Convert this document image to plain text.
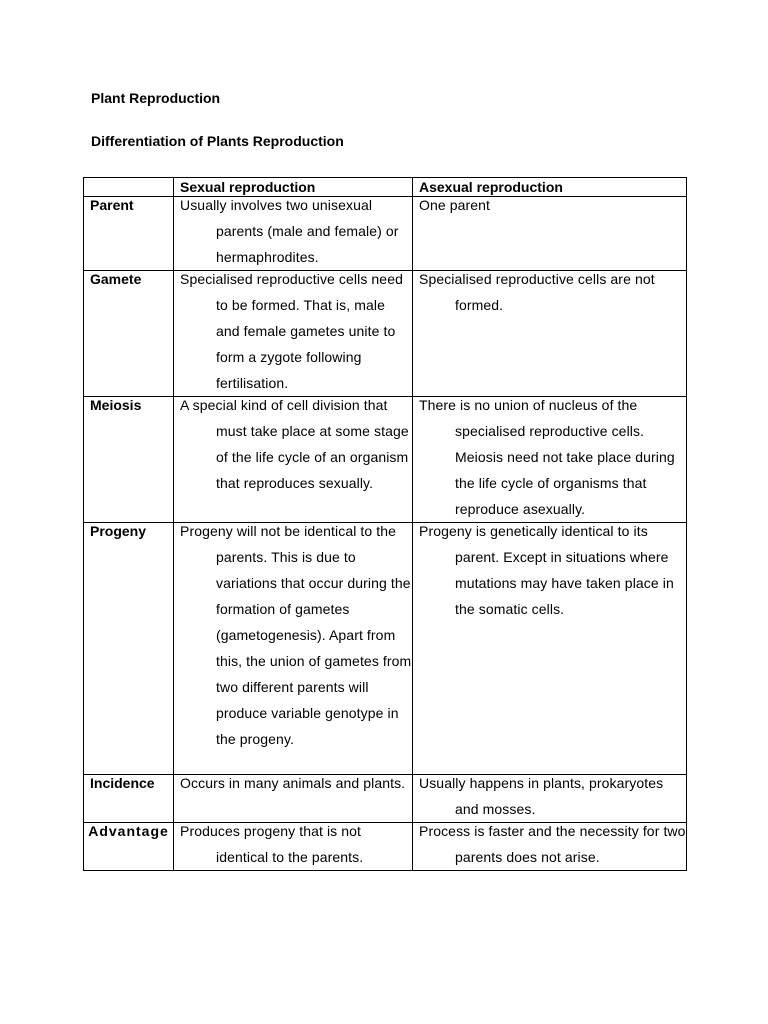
Plant Reproduction

Differentiation of Plants Reproduction

	Sexual reproduction	Asexual reproduction

Parent	Usually involves two unisexual parents (male and female) or hermaphrodites.	One parent

Gamete	Specialised reproductive cells need to be formed. That is, male and female gametes unite to form a zygote following fertilisation.	Specialised reproductive cells are not formed.

Meiosis	A special kind of cell division that must take place at some stage of the life cycle of an organism that reproduces sexually.	There is no union of nucleus of the specialised reproductive cells. Meiosis need not take place during the life cycle of organisms that reproduce asexually.

Progeny	Progeny will not be identical to the parents. This is due to variations that occur during the formation of gametes (gametogenesis). Apart from this, the union of gametes from two different parents will produce variable genotype in the progeny.	Progeny is genetically identical to its parent. Except in situations where mutations may have taken place in the somatic cells.

Incidence	Occurs in many animals and plants.	Usually happens in plants, prokaryotes and mosses.

Advantage	Produces progeny that is not identical to the parents.	Process is faster and the necessity for two parents does not arise.
